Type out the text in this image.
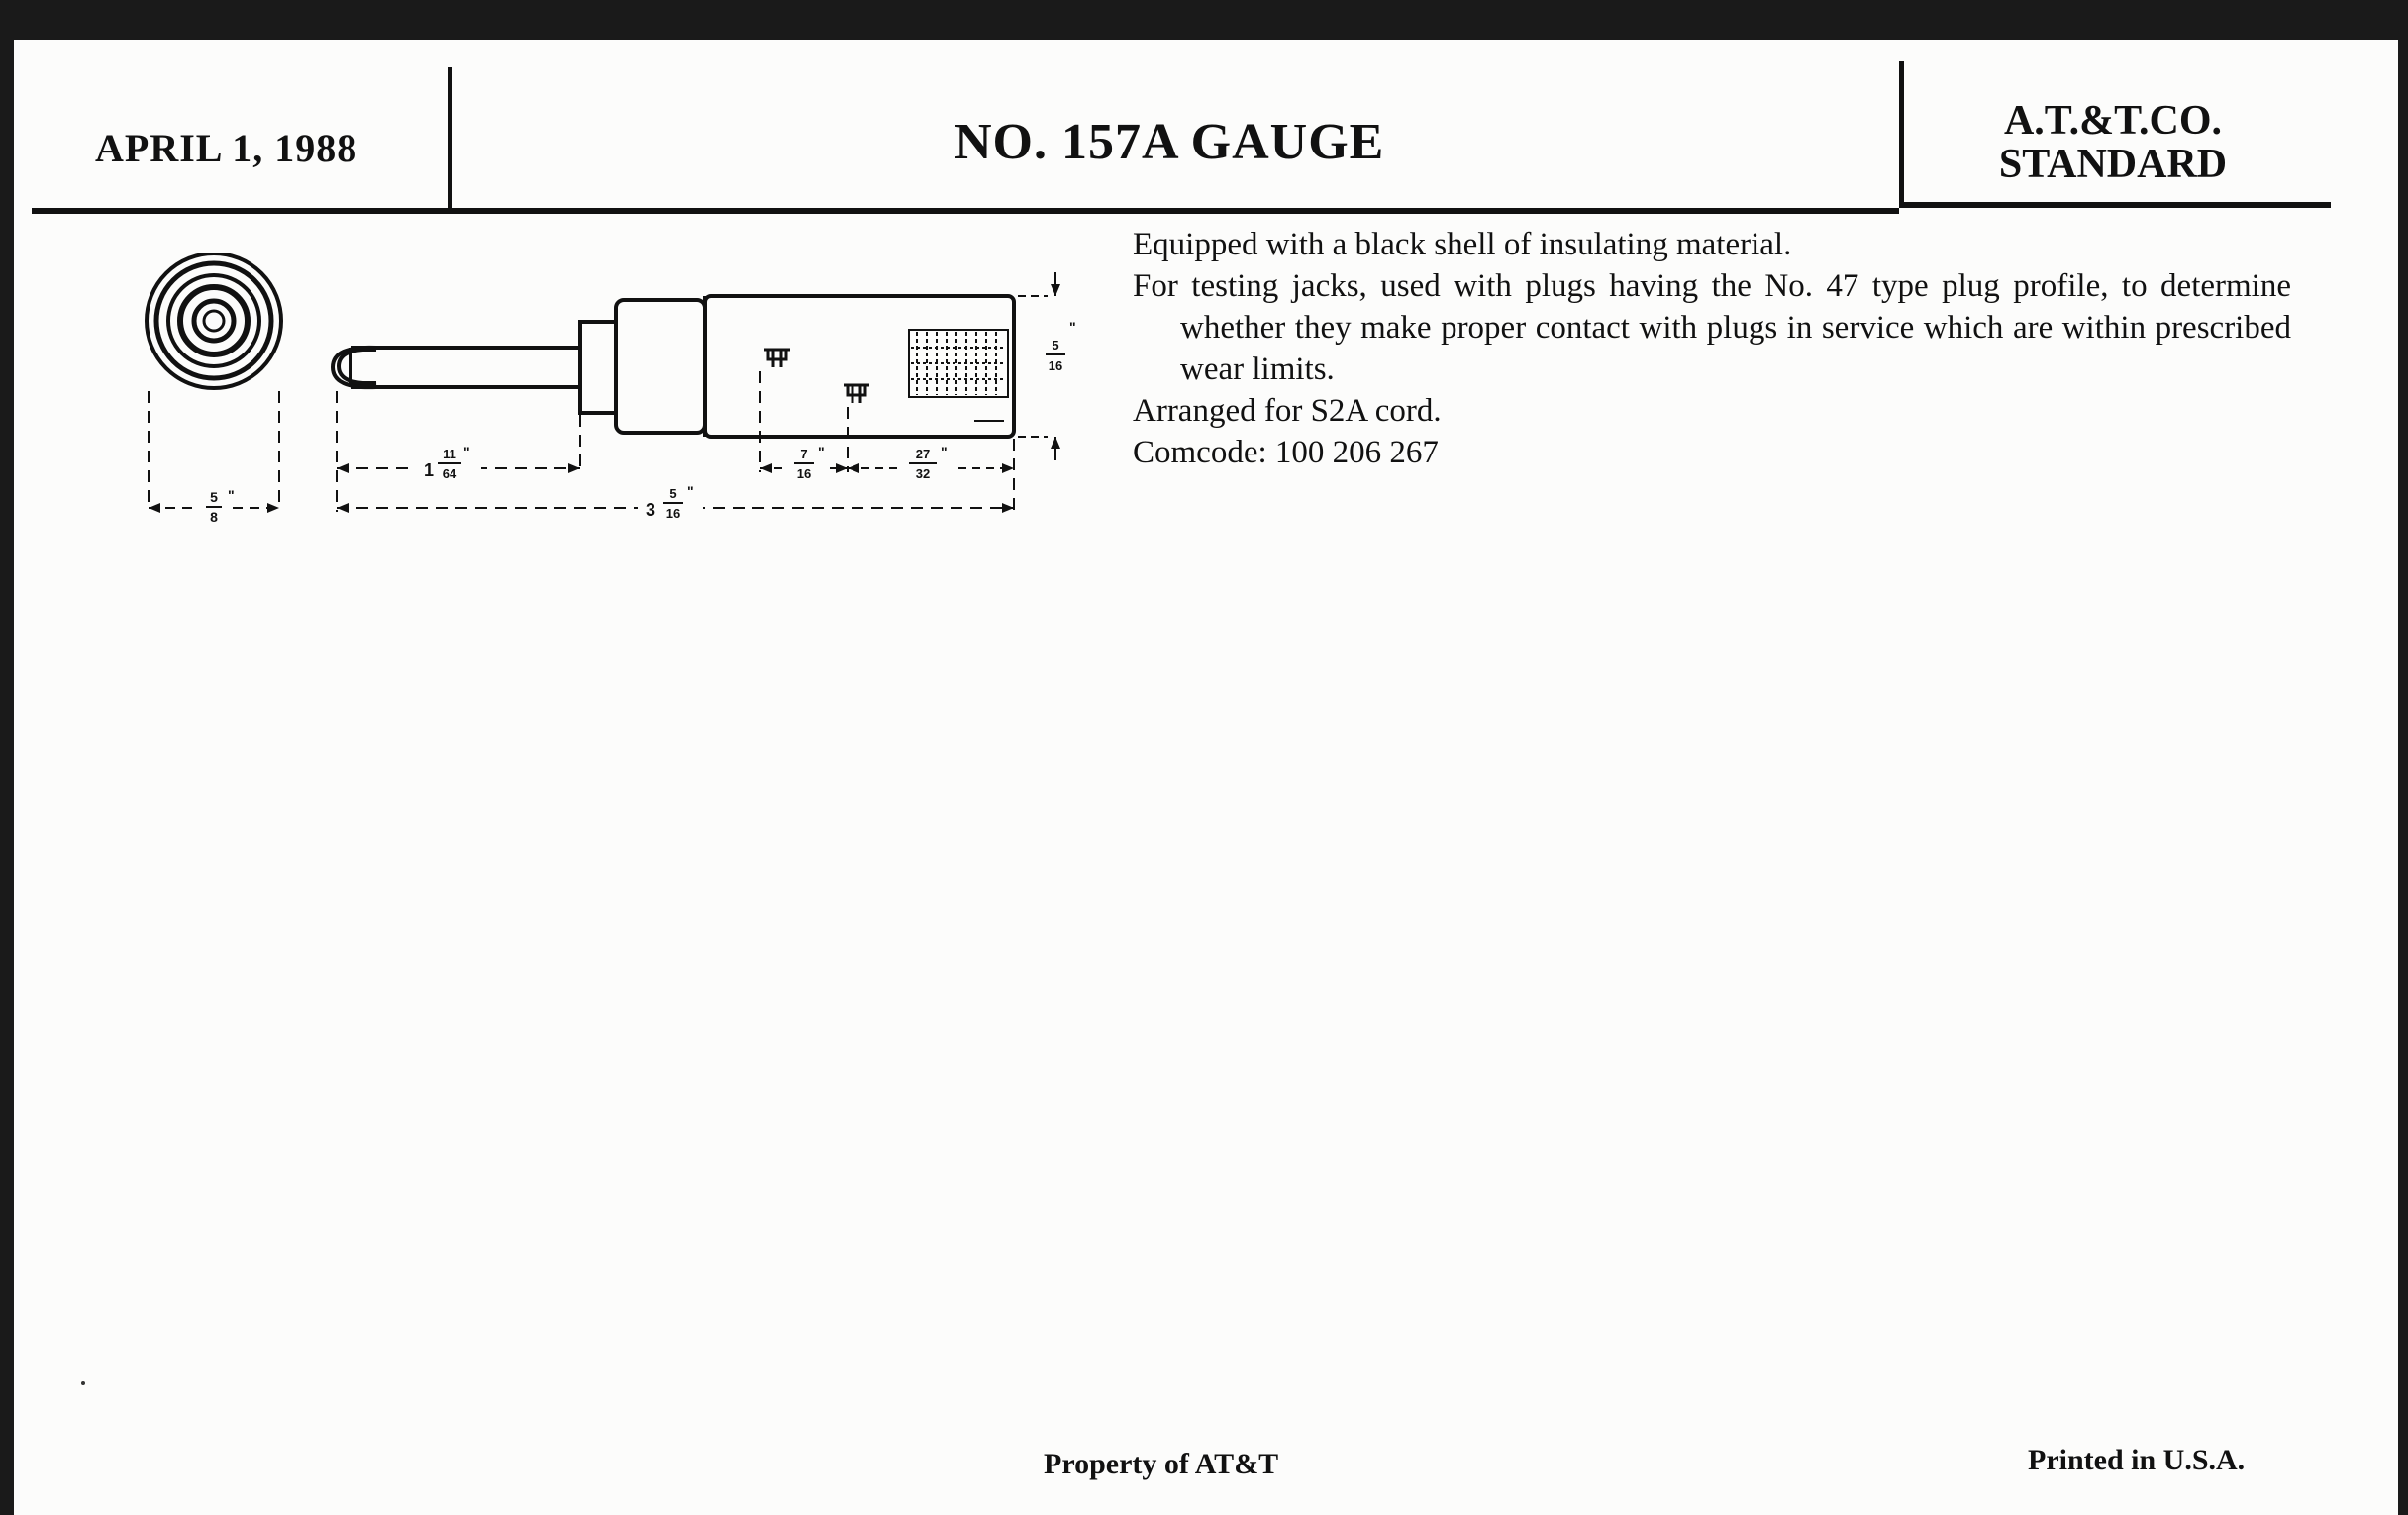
APRIL 1, 1988	NO. 157A GAUGE	A.T.&T.CO.
STANDARD
5
8
"
1
11
64
"
3
5
16
"
7
16
"	27
32
"
5
16
"

Equipped with a black shell of insulating material.

For testing jacks, used with plugs having the No. 47 type plug profile, to determine whether they make proper contact with plugs in service which are within prescribed wear limits.

Arranged for S2A cord.

Comcode: 100 206 267

Property of AT&T	Printed in U.S.A.
